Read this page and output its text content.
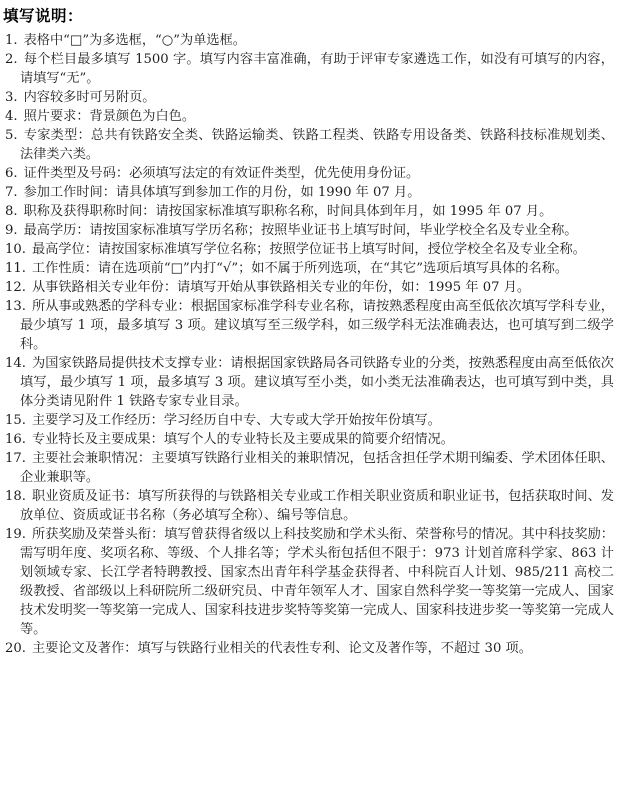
填写说明：

1. 表格中“□”为多选框，“○”为单选框。

2. 每个栏目最多填写 1500 字。填写内容丰富准确，有助于评审专家遴选工作，如没有可填写的内容，请填写“无”。

3. 内容较多时可另附页。

4. 照片要求：背景颜色为白色。

5. 专家类型：总共有铁路安全类、铁路运输类、铁路工程类、铁路专用设备类、铁路科技标准规划类、法律类六类。

6. 证件类型及号码：必须填写法定的有效证件类型，优先使用身份证。

7. 参加工作时间：请具体填写到参加工作的月份，如 1990 年 07 月。

8. 职称及获得职称时间：请按国家标准填写职称名称，时间具体到年月，如 1995 年 07 月。

9. 最高学历：请按国家标准填写学历名称；按照毕业证书上填写时间，毕业学校全名及专业全称。

10. 最高学位：请按国家标准填写学位名称；按照学位证书上填写时间，授位学校全名及专业全称。

11. 工作性质：请在选项前“□”内打“√”；如不属于所列选项，在“其它”选项后填写具体的名称。

12. 从事铁路相关专业年份：请填写开始从事铁路相关专业的年份，如：1995 年 07 月。

13. 所从事或熟悉的学科专业：根据国家标准学科专业名称，请按熟悉程度由高至低依次填写学科专业，最少填写 1 项，最多填写 3 项。建议填写至三级学科，如三级学科无法准确表达，也可填写到二级学科。

14. 为国家铁路局提供技术支撑专业：请根据国家铁路局各司铁路专业的分类，按熟悉程度由高至低依次填写，最少填写 1 项，最多填写 3 项。建议填写至小类，如小类无法准确表达，也可填写到中类，具体分类请见附件 1 铁路专家专业目录。

15. 主要学习及工作经历：学习经历自中专、大专或大学开始按年份填写。

16. 专业特长及主要成果：填写个人的专业特长及主要成果的简要介绍情况。

17. 主要社会兼职情况：主要填写铁路行业相关的兼职情况，包括含担任学术期刊编委、学术团体任职、企业兼职等。

18. 职业资质及证书：填写所获得的与铁路相关专业或工作相关职业资质和职业证书，包括获取时间、发放单位、资质或证书名称（务必填写全称）、编号等信息。

19. 所获奖励及荣誉头衔：填写曾获得省级以上科技奖励和学术头衔、荣誉称号的情况。其中科技奖励：需写明年度、奖项名称、等级、个人排名等；学术头衔包括但不限于：973 计划首席科学家、863 计划领域专家、长江学者特聘教授、国家杰出青年科学基金获得者、中科院百人计划、985/211 高校二级教授、省部级以上科研院所二级研究员、中青年领军人才、国家自然科学奖一等奖第一完成人、国家技术发明奖一等奖第一完成人、国家科技进步奖特等奖第一完成人、国家科技进步奖一等奖第一完成人等。

20. 主要论文及著作：填写与铁路行业相关的代表性专利、论文及著作等，不超过 30 项。
